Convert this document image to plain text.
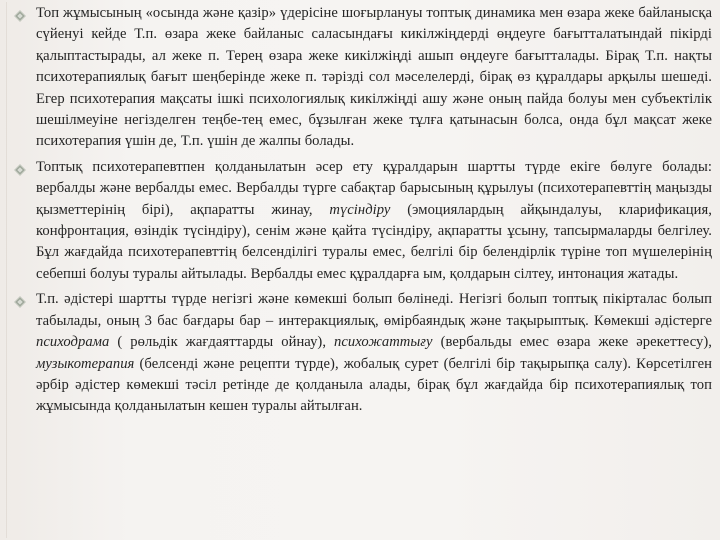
Топ жұмысының «осында және қазір» үдерісіне шоғырлануы топтық динамика мен өзара жеке байланысқа сүйенуі кейде Т.п. өзара жеке байланыс саласындағы кикілжіңдерді өңдеуге бағытталатындай пікірді қалыптастырады, ал жеке п. Терең өзара жеке кикілжіңді ашып өңдеуге бағытталады. Бірақ Т.п. нақты психотерапиялық бағыт шеңберінде жеке п. тәрізді сол мәселелерді, бірақ өз құралдары арқылы шешеді. Егер психотерапия мақсаты ішкі психологиялық кикілжіңді ашу және оның пайда болуы мен субъектілік шешілмеуіне негізделген теңбе-тең емес, бұзылған жеке тұлға қатынасын болса, онда бұл мақсат жеке психотерапия үшін де, Т.п. үшін де жалпы болады.

Топтық психотерапевтпен қолданылатын әсер ету құралдарын шартты түрде екіге бөлуге болады: вербалды және вербалды емес. Вербалды түрге сабақтар барысының құрылуы (психотерапевттің маңызды қызметтерінің бірі), ақпаратты жинау, түсіндіру (эмоциялардың айқындалуы, кларификация, конфронтация, өзіндік түсіндіру), сенім және қайта түсіндіру, ақпаратты ұсыну, тапсырмаларды белгілеу. Бұл жағдайда психотерапевттің белсенділігі туралы емес, белгілі бір белендірлік түріне топ мүшелерінің себепші болуы туралы айтылады. Вербалды емес құралдарға ым, қолдарын сілтеу, интонация жатады.

Т.п. әдістері шартты түрде негізгі және көмекші болып бөлінеді. Негізгі болып топтық пікірталас болып табылады, оның 3 бас бағдары бар – интеракциялық, өмірбаяндық және тақырыптық. Көмекші әдістерге психодрама ( рөльдік жағдаяттарды ойнау), психожаттығу (вербальды емес өзара жеке әрекеттесу), музыкотерапия (белсенді және рецепти түрде), жобалық сурет (белгілі бір тақырыпқа салу). Көрсетілген әрбір әдістер көмекші тәсіл ретінде де қолданыла алады, бірақ бұл жағдайда бір психотерапиялық топ жұмысында қолданылатын кешен туралы айтылған.
